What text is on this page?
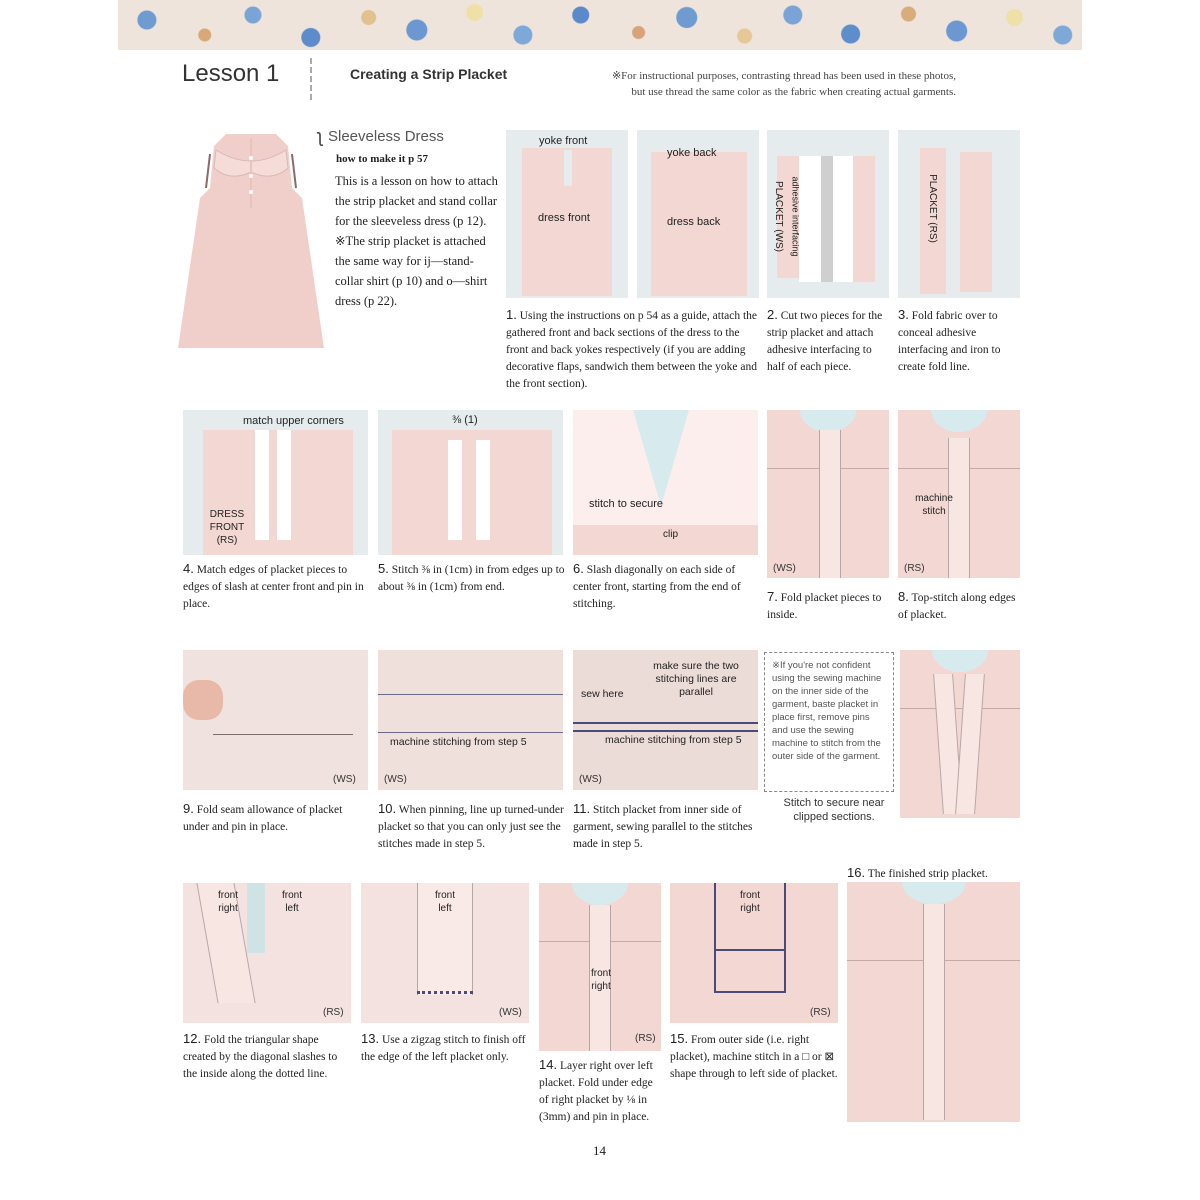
Lesson 1	Creating a Strip Placket	※For instructional purposes, contrasting thread has been used in these photos,
but use thread the same color as the fabric when creating actual garments.
ʅ Sleeveless Dress
how to make it p 57

This is a lesson on how to attach the strip placket and stand collar for the sleeveless dress (p 12). ※The strip placket is attached the same way for ij—stand-collar shirt (p 10) and o—shirt dress (p 22).

yoke front
dress front
yoke back
dress back	PLACKET (WS) adhesive interfacing	PLACKET (RS)
1. Using the instructions on p 54 as a guide, attach the gathered front and back sections of the dress to the front and back yokes respectively (if you are adding decorative flaps, sandwich them between the yoke and the front section).
2. Cut two pieces for the strip placket and attach adhesive interfacing to half of each piece.
3. Fold fabric over to conceal adhesive interfacing and iron to create fold line.
match upper corners
DRESS FRONT (RS)
⅜ (1)
stitch to secure
clip
(WS)
machine stitch
(RS)
4. Match edges of placket pieces to edges of slash at center front and pin in place.
5. Stitch ⅜ in (1cm) in from edges up to about ⅜ in (1cm) from end.
6. Slash diagonally on each side of center front, starting from the end of stitching.	7. Fold placket pieces to inside.
8. Top-stitch along edges of placket.
(WS)
machine stitching from step 5
(WS)
make sure the two stitching lines are parallel
sew here
machine stitching from step 5
(WS)
※If you're not confident using the sewing machine on the inner side of the garment, baste placket in place first, remove pins and use the sewing machine to stitch from the outer side of the garment.
Stitch to secure near clipped sections.
9. Fold seam allowance of placket under and pin in place.
10. When pinning, line up turned-under placket so that you can only just see the stitches made in step 5.
11. Stitch placket from inner side of garment, sewing parallel to the stitches made in step 5.
front right
front left
(RS)
front left
(WS)
front right
(RS)
front right
(RS)
12. Fold the triangular shape created by the diagonal slashes to the inside along the dotted line.
13. Use a zigzag stitch to finish off the edge of the left placket only.	14. Layer right over left placket. Fold under edge of right placket by ⅛ in (3mm) and pin in place.
15. From outer side (i.e. right placket), machine stitch in a □ or ⊠ shape through to left side of placket.
16. The finished strip placket.
14
